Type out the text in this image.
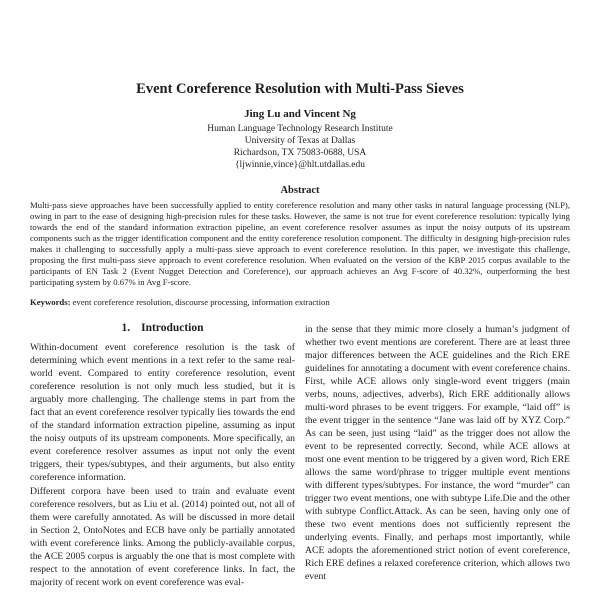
Event Coreference Resolution with Multi-Pass Sieves
Jing Lu and Vincent Ng
Human Language Technology Research Institute
University of Texas at Dallas
Richardson, TX 75083-0688, USA
{ljwinnie,vince}@hlt.utdallas.edu
Abstract
Multi-pass sieve approaches have been successfully applied to entity coreference resolution and many other tasks in natural language processing (NLP), owing in part to the ease of designing high-precision rules for these tasks. However, the same is not true for event coreference resolution: typically lying towards the end of the standard information extraction pipeline, an event coreference resolver assumes as input the noisy outputs of its upstream components such as the trigger identification component and the entity coreference resolution component. The difficulty in designing high-precision rules makes it challenging to successfully apply a multi-pass sieve approach to event coreference resolution. In this paper, we investigate this challenge, proposing the first multi-pass sieve approach to event coreference resolution. When evaluated on the version of the KBP 2015 corpus available to the participants of EN Task 2 (Event Nugget Detection and Coreference), our approach achieves an Avg F-score of 40.32%, outperforming the best participating system by 0.67% in Avg F-score.
Keywords: event coreference resolution, discourse processing, information extraction
1. Introduction

Within-document event coreference resolution is the task of determining which event mentions in a text refer to the same real-world event. Compared to entity coreference resolution, event coreference resolution is not only much less studied, but it is arguably more challenging. The challenge stems in part from the fact that an event coreference resolver typically lies towards the end of the standard information extraction pipeline, assuming as input the noisy outputs of its upstream components. More specifically, an event coreference resolver assumes as input not only the event triggers, their types/subtypes, and their arguments, but also entity coreference information.

Different corpora have been used to train and evaluate event coreference resolvers, but as Liu et al. (2014) pointed out, not all of them were carefully annotated. As will be discussed in more detail in Section 2, OntoNotes and ECB have only be partially annotated with event coreference links. Among the publicly-available corpus, the ACE 2005 corpus is arguably the one that is most complete with respect to the annotation of event coreference links. In fact, the majority of recent work on event coreference was eval-

in the sense that they mimic more closely a human’s judgment of whether two event mentions are coreferent. There are at least three major differences between the ACE guidelines and the Rich ERE guidelines for annotating a document with event coreference chains. First, while ACE allows only single-word event triggers (main verbs, nouns, adjectives, adverbs), Rich ERE additionally allows multi-word phrases to be event triggers. For example, “laid off” is the event trigger in the sentence “Jane was laid off by XYZ Corp.” As can be seen, just using “laid” as the trigger does not allow the event to be represented correctly. Second, while ACE allows at most one event mention to be triggered by a given word, Rich ERE allows the same word/phrase to trigger multiple event mentions with different types/subtypes. For instance, the word “murder” can trigger two event mentions, one with subtype Life.Die and the other with subtype Conflict.Attack. As can be seen, having only one of these two event mentions does not sufficiently represent the underlying events. Finally, and perhaps most importantly, while ACE adopts the aforementioned strict notion of event coreference, Rich ERE defines a relaxed coreference criterion, which allows two event
